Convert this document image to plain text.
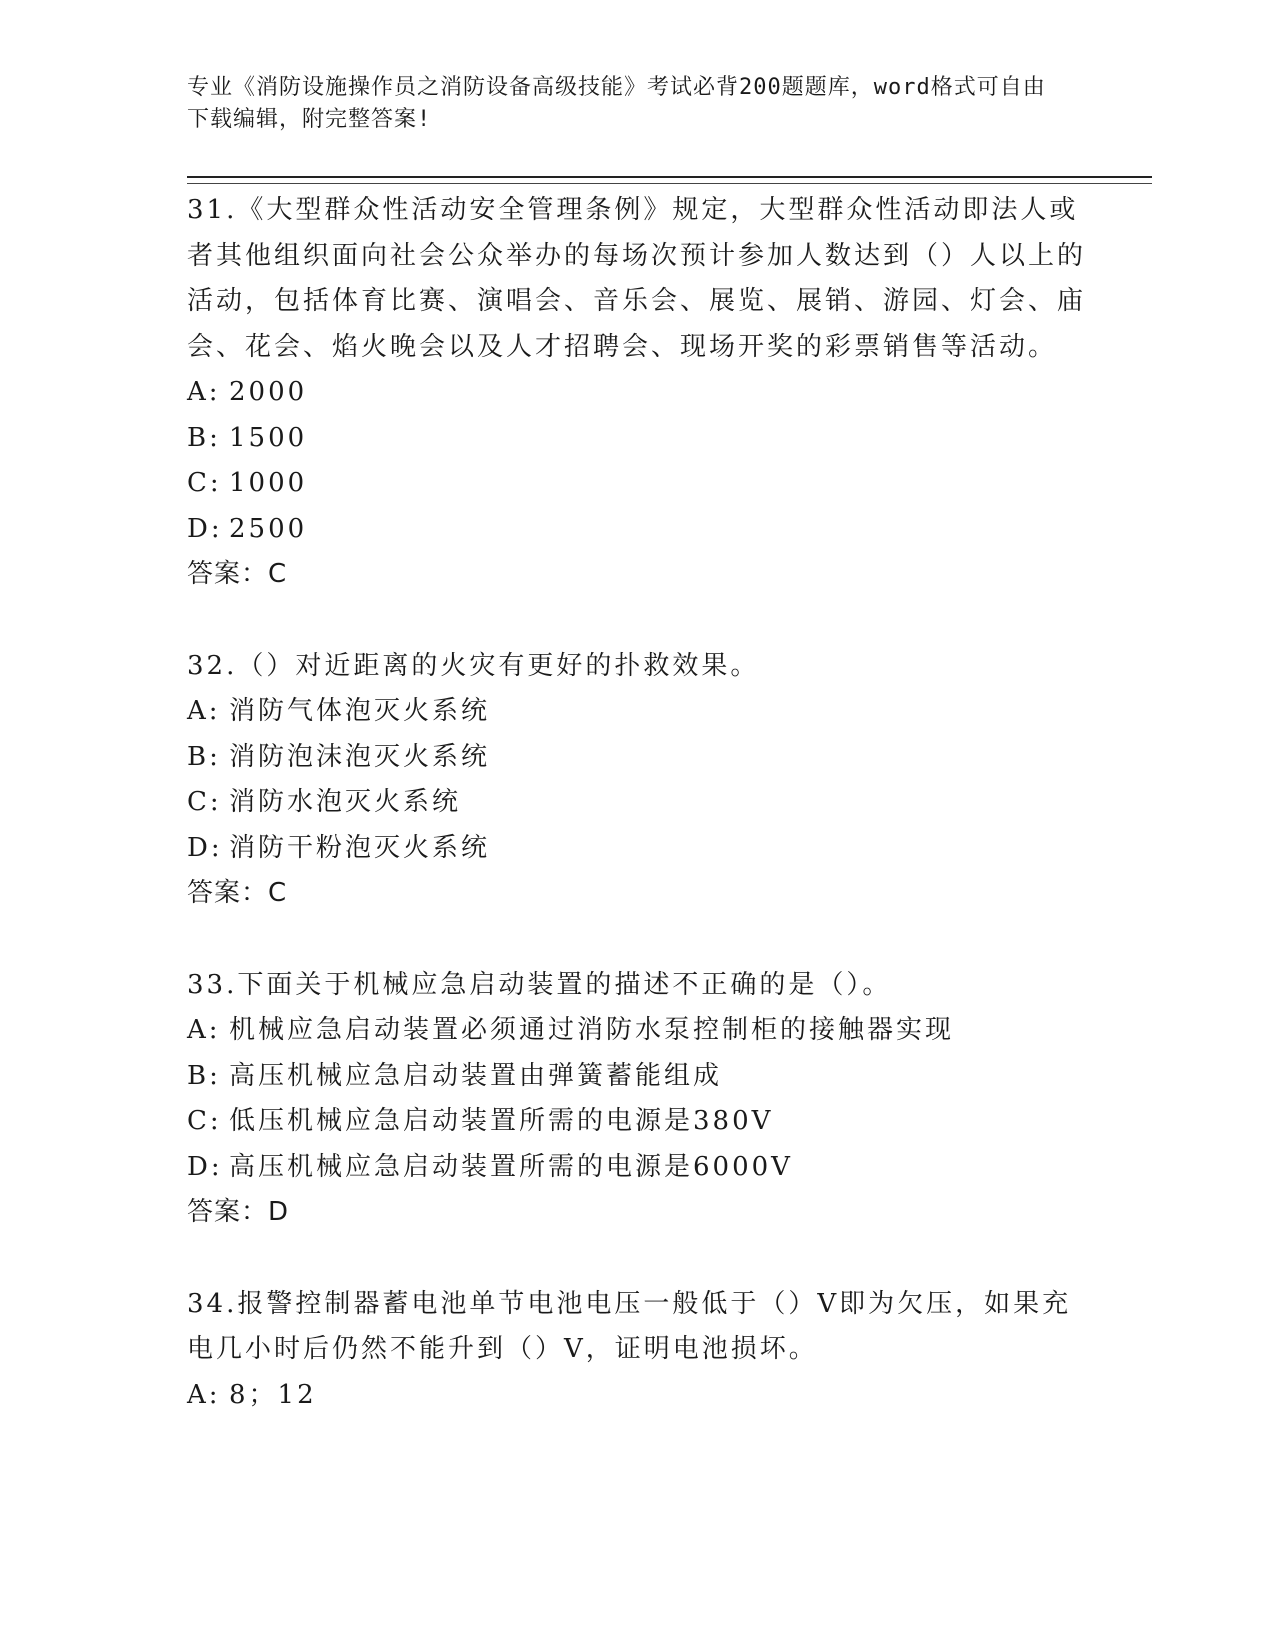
专业《消防设施操作员之消防设备高级技能》考试必背200题题库，word格式可自由下载编辑，附完整答案!

31.《大型群众性活动安全管理条例》规定，大型群众性活动即法人或者其他组织面向社会公众举办的每场次预计参加人数达到（）人以上的活动，包括体育比赛、演唱会、音乐会、展览、展销、游园、灯会、庙会、花会、焰火晚会以及人才招聘会、现场开奖的彩票销售等活动。

A: 2000

B: 1500

C: 1000

D: 2500

答案：C

32.（）对近距离的火灾有更好的扑救效果。

A: 消防气体泡灭火系统

B: 消防泡沫泡灭火系统

C: 消防水泡灭火系统

D: 消防干粉泡灭火系统

答案：C

33.下面关于机械应急启动装置的描述不正确的是（）。

A: 机械应急启动装置必须通过消防水泵控制柜的接触器实现

B: 高压机械应急启动装置由弹簧蓄能组成

C: 低压机械应急启动装置所需的电源是380V

D: 高压机械应急启动装置所需的电源是6000V

答案：D

34.报警控制器蓄电池单节电池电压一般低于（）V即为欠压，如果充电几小时后仍然不能升到（）V，证明电池损坏。

A: 8；12
